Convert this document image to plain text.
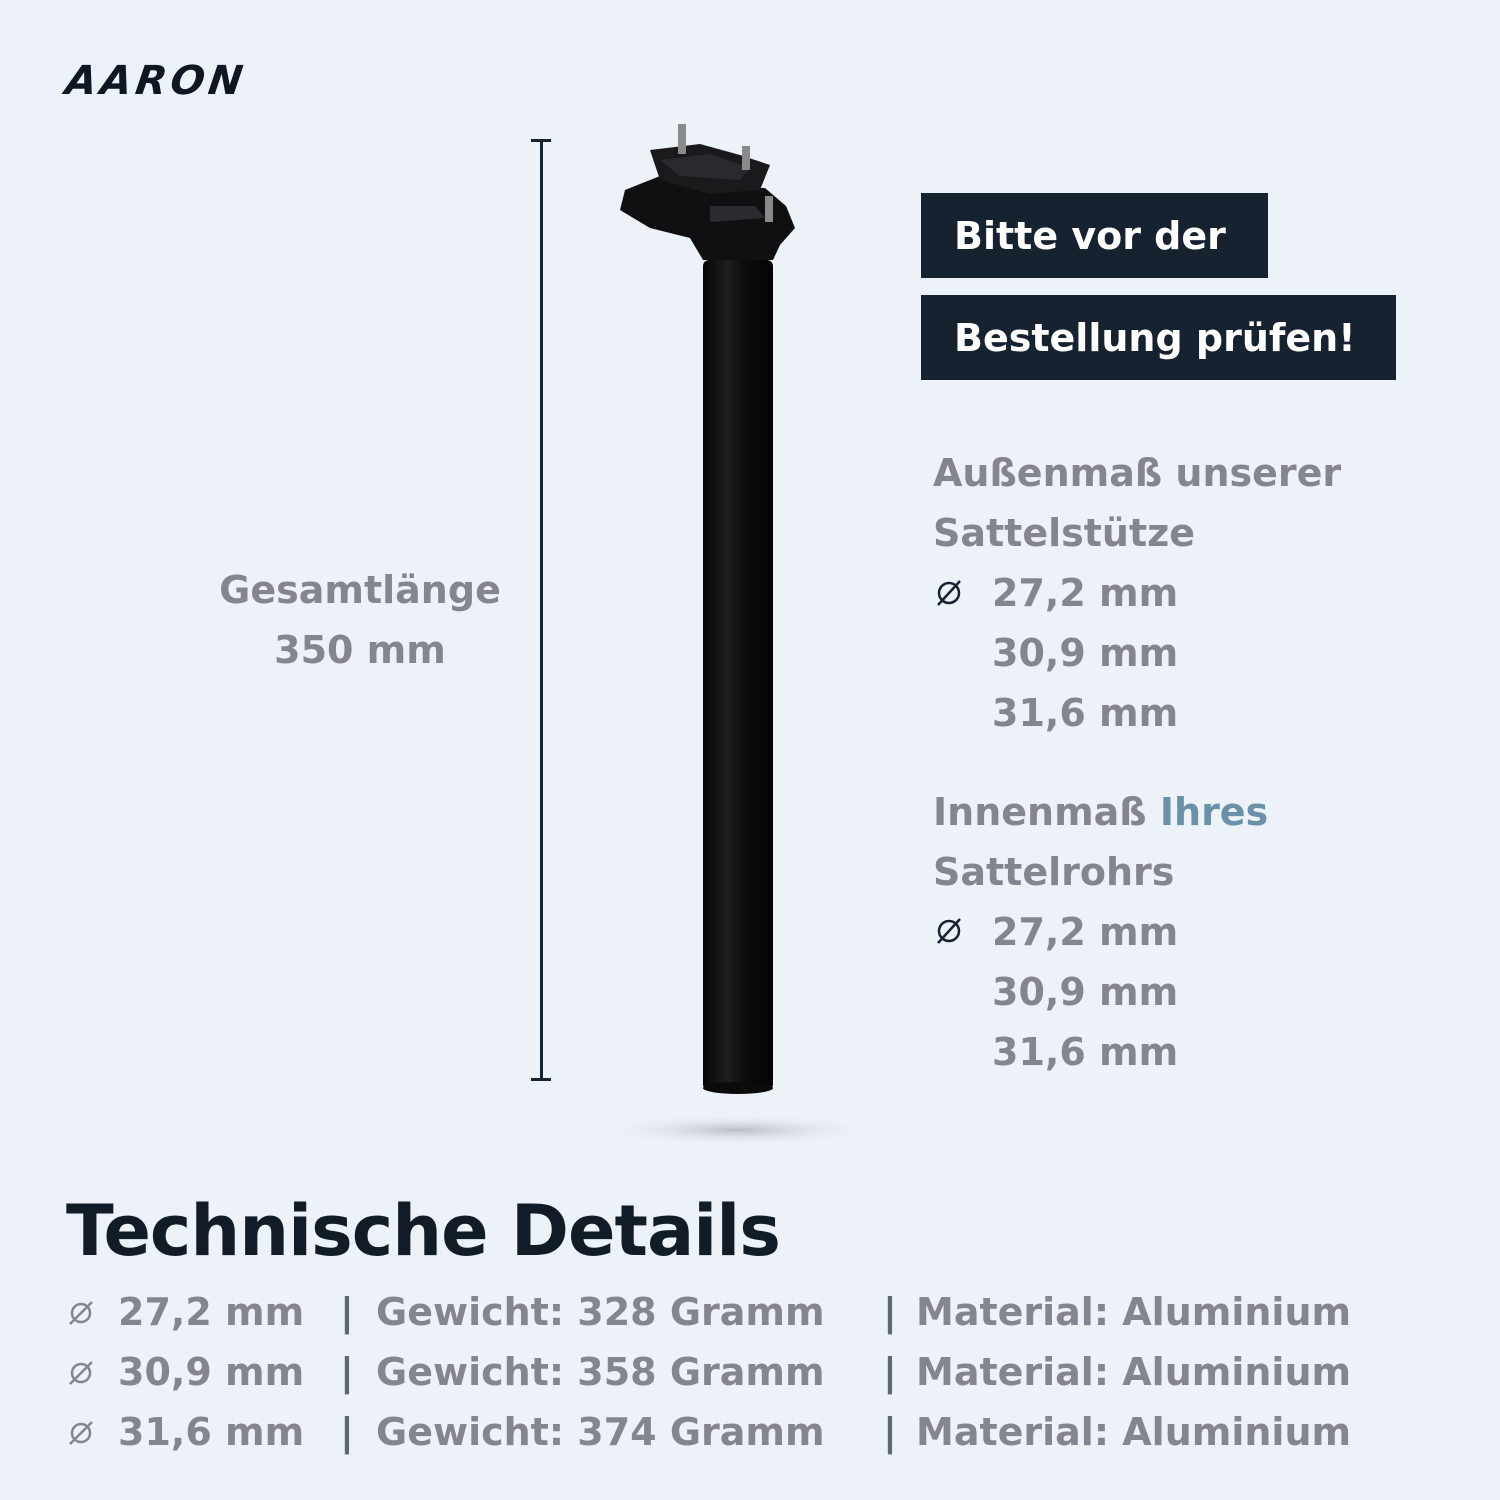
AARON
Gesamtlänge
350 mm
Bitte vor der
Bestellung prüfen!
Außenmaß unserer
Sattelstütze
27,2 mm
30,9 mm
31,6 mm
Innenmaß Ihres
Sattelrohrs
27,2 mm
30,9 mm
31,6 mm
Technische Details
27,2 mm | Gewicht: 328 Gramm | Material: Aluminium
30,9 mm | Gewicht: 358 Gramm | Material: Aluminium
31,6 mm | Gewicht: 374 Gramm | Material: Aluminium
